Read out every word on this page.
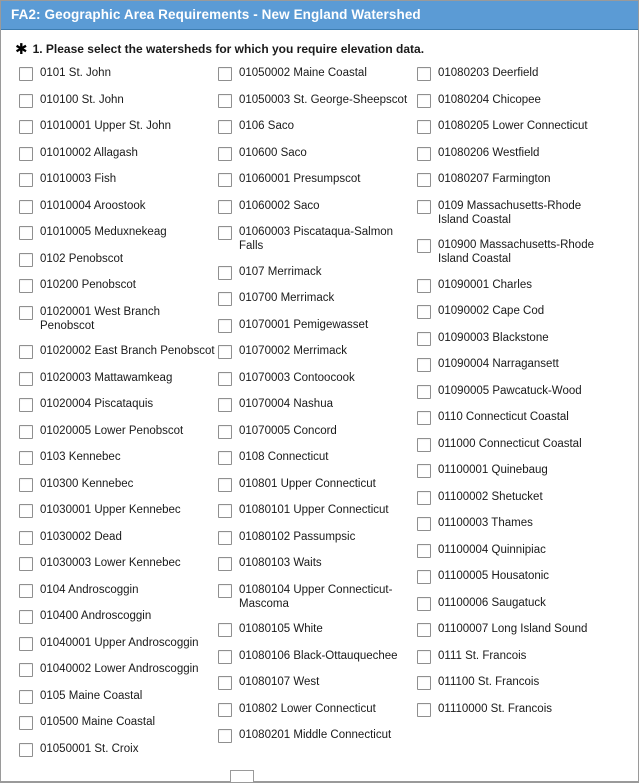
FA2: Geographic Area Requirements - New England Watershed
✱ 1. Please select the watersheds for which you require elevation data.
0101 St. John
010100 St. John
01010001 Upper St. John
01010002 Allagash
01010003 Fish
01010004 Aroostook
01010005 Meduxnekeag
0102 Penobscot
010200 Penobscot
01020001 West Branch Penobscot
01020002 East Branch Penobscot
01020003 Mattawamkeag
01020004 Piscataquis
01020005 Lower Penobscot
0103 Kennebec
010300 Kennebec
01030001 Upper Kennebec
01030002 Dead
01030003 Lower Kennebec
0104 Androscoggin
010400 Androscoggin
01040001 Upper Androscoggin
01040002 Lower Androscoggin
0105 Maine Coastal
010500 Maine Coastal
01050001 St. Croix
01050002 Maine Coastal
01050003 St. George-Sheepscot
0106 Saco
010600 Saco
01060001 Presumpscot
01060002 Saco
01060003 Piscataqua-Salmon Falls
0107 Merrimack
010700 Merrimack
01070001 Pemigewasset
01070002 Merrimack
01070003 Contoocook
01070004 Nashua
01070005 Concord
0108 Connecticut
010801 Upper Connecticut
01080101 Upper Connecticut
01080102 Passumpsic
01080103 Waits
01080104 Upper Connecticut-Mascoma
01080105 White
01080106 Black-Ottauquechee
01080107 West
010802 Lower Connecticut
01080201 Middle Connecticut
01080203 Deerfield
01080204 Chicopee
01080205 Lower Connecticut
01080206 Westfield
01080207 Farmington
0109 Massachusetts-Rhode Island Coastal
010900 Massachusetts-Rhode Island Coastal
01090001 Charles
01090002 Cape Cod
01090003 Blackstone
01090004 Narragansett
01090005 Pawcatuck-Wood
0110 Connecticut Coastal
011000 Connecticut Coastal
01100001 Quinebaug
01100002 Shetucket
01100003 Thames
01100004 Quinnipiac
01100005 Housatonic
01100006 Saugatuck
01100007 Long Island Sound
0111 St. Francois
011100 St. Francois
01110000 St. Francois
